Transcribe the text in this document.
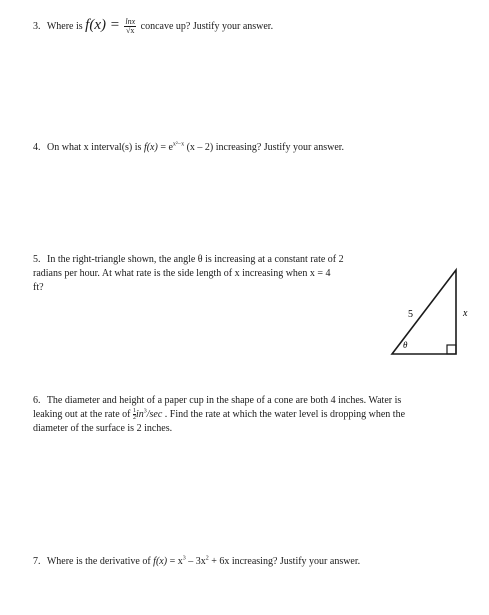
3. Where is $f(x) = \frac{\ln x}{√x}$ concave up? Justify your answer.
4. On what x interval(s) is $f(x) = e^{x^2-x}$ (x – 2) increasing? Justify your answer.
5. In the right-triangle shown, the angle θ is increasing at a constant rate of 2
radians per hour. At what rate is the side length of x increasing when x = 4
ft?
5	x
θ
6. The diameter and height of a paper cup in the shape of a cone are both 4 inches. Water is
leaking out at the rate of $\frac{1}{2} in^3/\sec$ . Find the rate at which the water level is dropping when the
diameter of the surface is 2 inches.
7. Where is the derivative of $f(x) = x^3 - 3x^2 + 6x$ increasing? Justify your answer.
